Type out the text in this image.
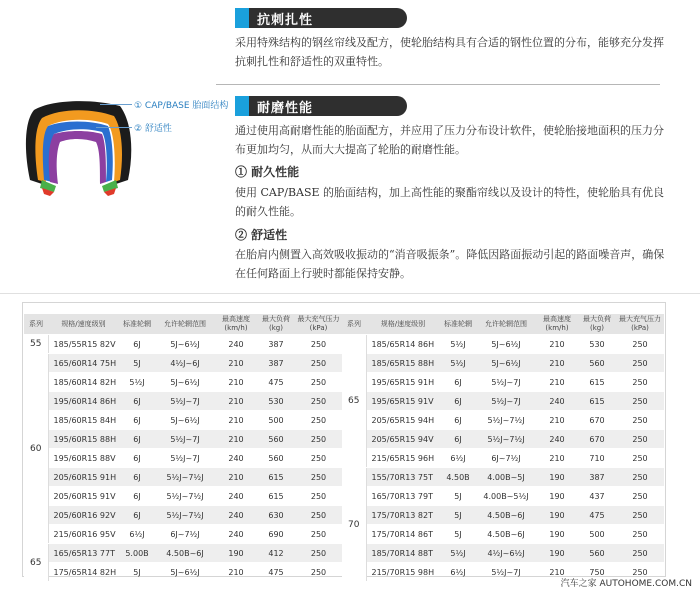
① CAP/BASE 胎面结构
② 舒适性
抗刺扎性
采用特殊结构的钢丝帘线及配方，使轮胎结构具有合适的钢性位置的分布，能够充分发挥抗刺扎性和舒适性的双重特性。
耐磨性能
通过使用高耐磨性能的胎面配方，并应用了压力分布设计软件，使轮胎接地面积的压力分布更加均匀，从而大大提高了轮胎的耐磨性能。
① 耐久性能
使用 CAP/BASE 的胎面结构，加上高性能的聚酯帘线以及设计的特性，使轮胎具有优良的耐久性能。
② 舒适性
在胎肩内侧置入高效吸收振动的“消音吸振条”。降低因路面振动引起的路面噪音声，确保在任何路面上行驶时都能保持安静。
系列	规格/速度级别	标准轮辋	允许轮辋范围	最高速度 (km/h)	最大负荷 (kg)	最大充气压力 (kPa)
55	185/55R15 82V	6J	5J~6½J	240	387	250
60	165/60R14 75H	5J	4½J~6J	210	387	250
	185/60R14 82H	5½J	5J~6½J	210	475	250
	195/60R14 86H	6J	5½J~7J	210	530	250
	185/60R15 84H	6J	5J~6½J	210	500	250
	195/60R15 88H	6J	5½J~7J	210	560	250
	195/60R15 88V	6J	5½J~7J	240	560	250
	205/60R15 91H	6J	5½J~7½J	210	615	250
	205/60R15 91V	6J	5½J~7½J	240	615	250
	205/60R16 92V	6J	5½J~7½J	240	630	250
	215/60R16 95V	6½J	6J~7½J	240	690	250
65	165/65R13 77T	5.00B	4.50B~6J	190	412	250
	175/65R14 82H	5J	5J~6½J	210	475	250
系列	规格/速度级别	标准轮辋	允许轮辋范围	最高速度 (km/h)	最大负荷 (kg)	最大充气压力 (kPa)
65	185/65R14 86H	5½J	5J~6½J	210	530	250
	185/65R15 88H	5½J	5J~6½J	210	560	250
	195/65R15 91H	6J	5½J~7J	210	615	250
	195/65R15 91V	6J	5½J~7J	240	615	250
	205/65R15 94H	6J	5½J~7½J	210	670	250
	205/65R15 94V	6J	5½J~7½J	240	670	250
	215/65R15 96H	6½J	6J~7½J	210	710	250
70	155/70R13 75T	4.50B	4.00B~5J	190	387	250
	165/70R13 79T	5J	4.00B~5½J	190	437	250
	175/70R13 82T	5J	4.50B~6J	190	475	250
	175/70R14 86T	5J	4.50B~6J	190	500	250
	185/70R14 88T	5½J	4½J~6½J	190	560	250
	215/70R15 98H	6½J	5½J~7J	210	750	250
汽车之家 AUTOHOME.COM.CN
